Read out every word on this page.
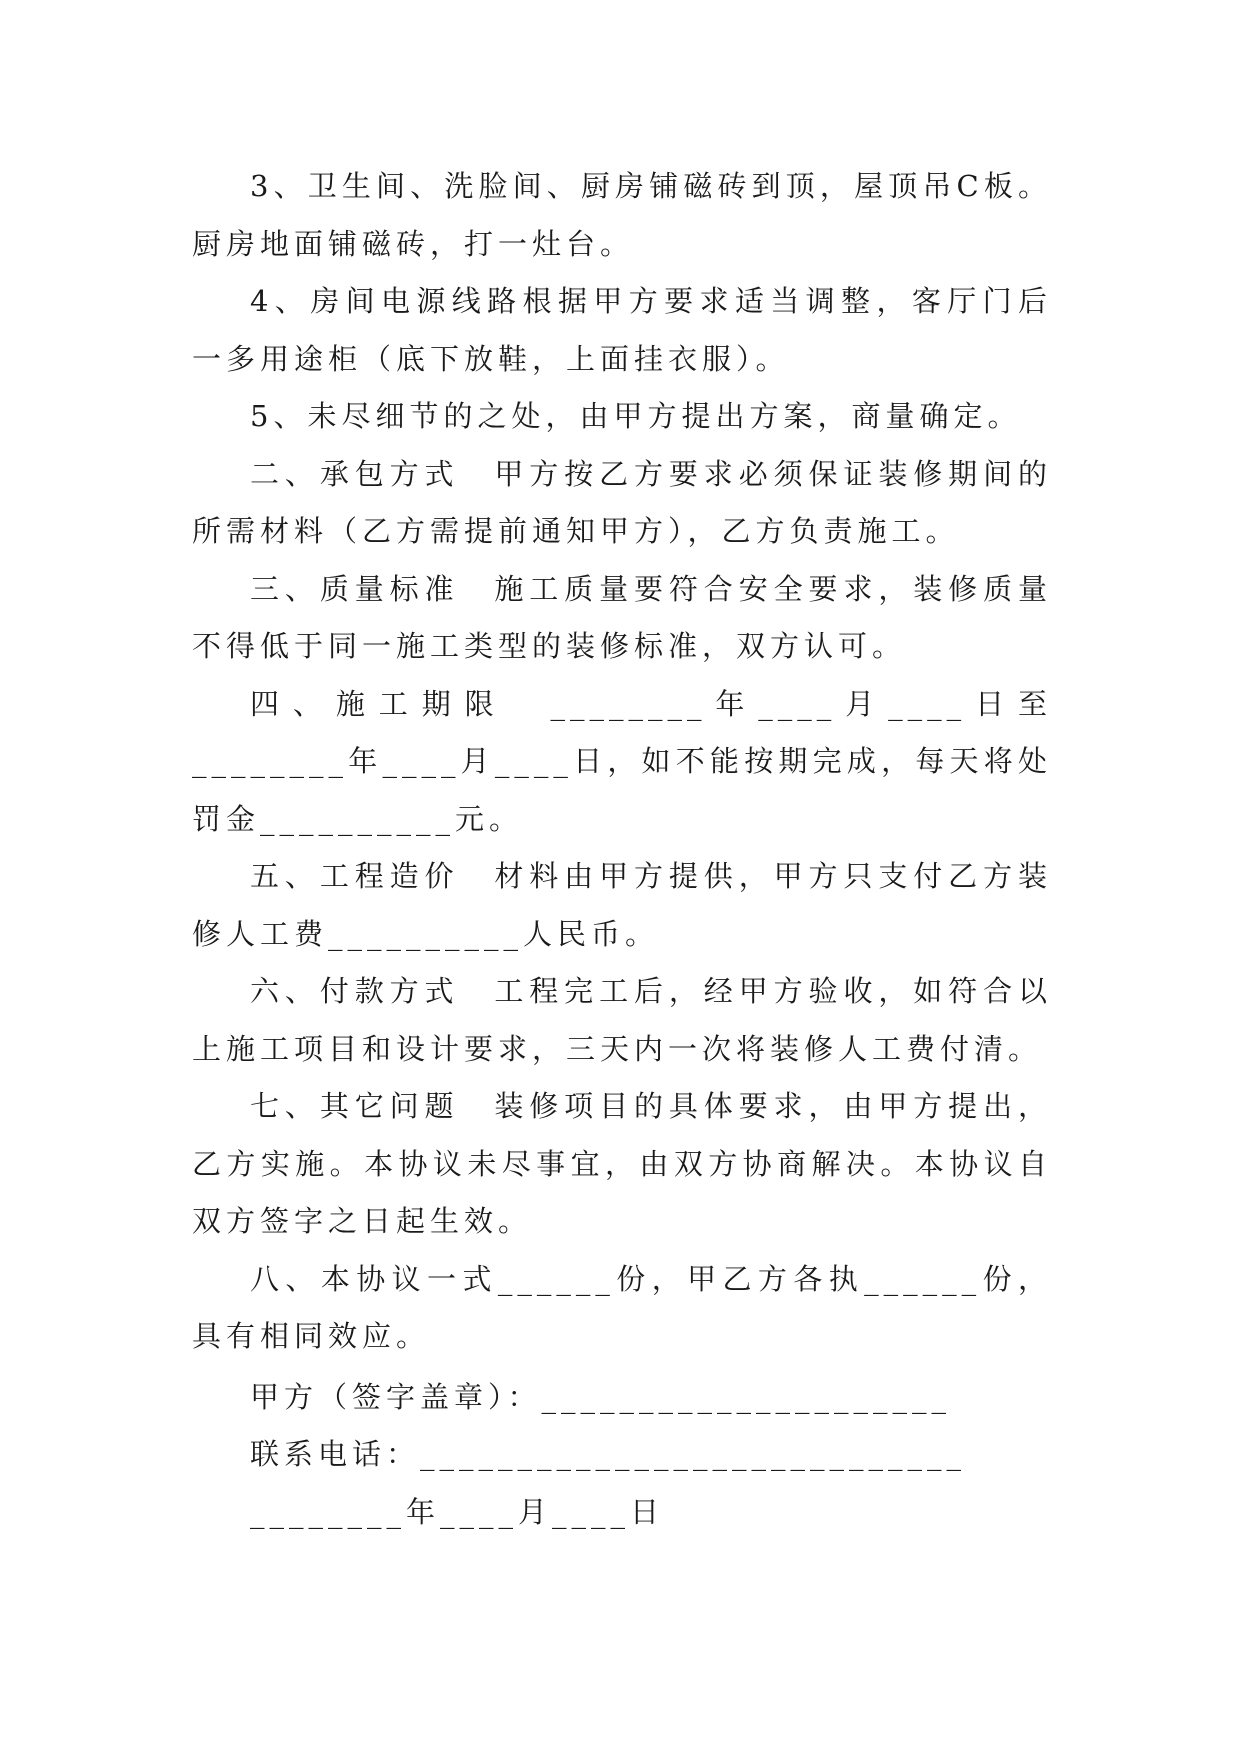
3、卫生间、洗脸间、厨房铺磁砖到顶，屋顶吊C板。厨房地面铺磁砖，打一灶台。

4、房间电源线路根据甲方要求适当调整，客厅门后一多用途柜（底下放鞋，上面挂衣服）。

5、未尽细节的之处，由甲方提出方案，商量确定。

二、承包方式　甲方按乙方要求必须保证装修期间的所需材料（乙方需提前通知甲方），乙方负责施工。

三、质量标准　施工质量要符合安全要求，装修质量不得低于同一施工类型的装修标准，双方认可。

四、施工期限　________年____月____日至________年____月____日，如不能按期完成，每天将处罚金__________元。

五、工程造价　材料由甲方提供，甲方只支付乙方装修人工费__________人民币。

六、付款方式　工程完工后，经甲方验收，如符合以上施工项目和设计要求，三天内一次将装修人工费付清。

七、其它问题　装修项目的具体要求，由甲方提出，乙方实施。本协议未尽事宜，由双方协商解决。本协议自双方签字之日起生效。

八、本协议一式______份，甲乙方各执______份，具有相同效应。

甲方（签字盖章）：_____________________

联系电话：____________________________

________年____月____日
